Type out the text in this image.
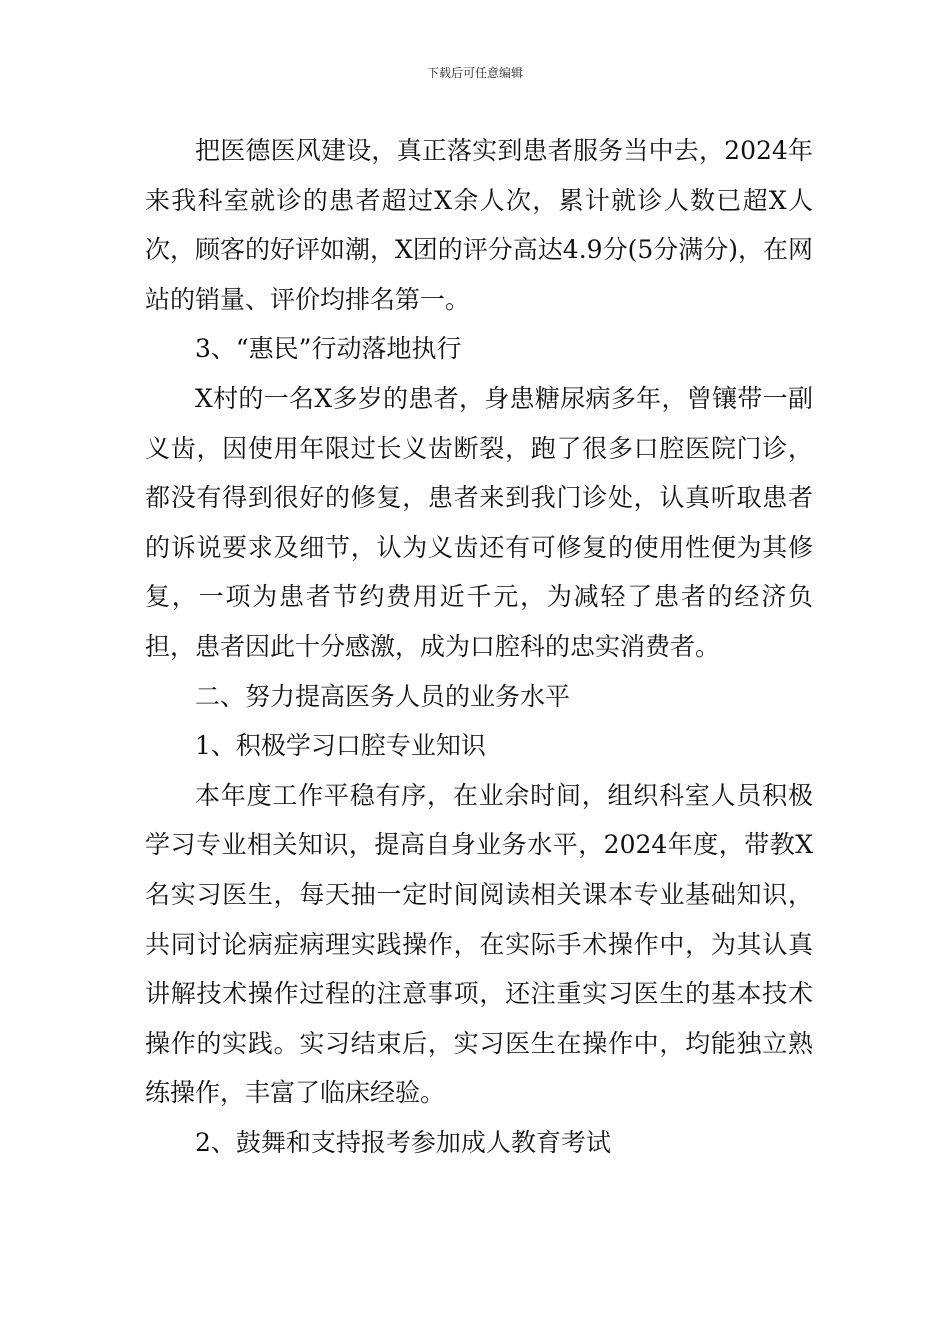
下载后可任意编辑

把医德医风建设，真正落实到患者服务当中去，2024年来我科室就诊的患者超过X余人次，累计就诊人数已超X人次，顾客的好评如潮，X团的评分高达4.9分(5分满分)，在网站的销量、评价均排名第一。

3、“惠民”行动落地执行

X村的一名X多岁的患者，身患糖尿病多年，曾镶带一副义齿，因使用年限过长义齿断裂，跑了很多口腔医院门诊，都没有得到很好的修复，患者来到我门诊处，认真听取患者的诉说要求及细节，认为义齿还有可修复的使用性便为其修复，一项为患者节约费用近千元，为减轻了患者的经济负担，患者因此十分感激，成为口腔科的忠实消费者。

二、努力提高医务人员的业务水平

1、积极学习口腔专业知识

本年度工作平稳有序，在业余时间，组织科室人员积极学习专业相关知识，提高自身业务水平，2024年度，带教X名实习医生，每天抽一定时间阅读相关课本专业基础知识，共同讨论病症病理实践操作，在实际手术操作中，为其认真讲解技术操作过程的注意事项，还注重实习医生的基本技术操作的实践。实习结束后，实习医生在操作中，均能独立熟练操作，丰富了临床经验。

2、鼓舞和支持报考参加成人教育考试
